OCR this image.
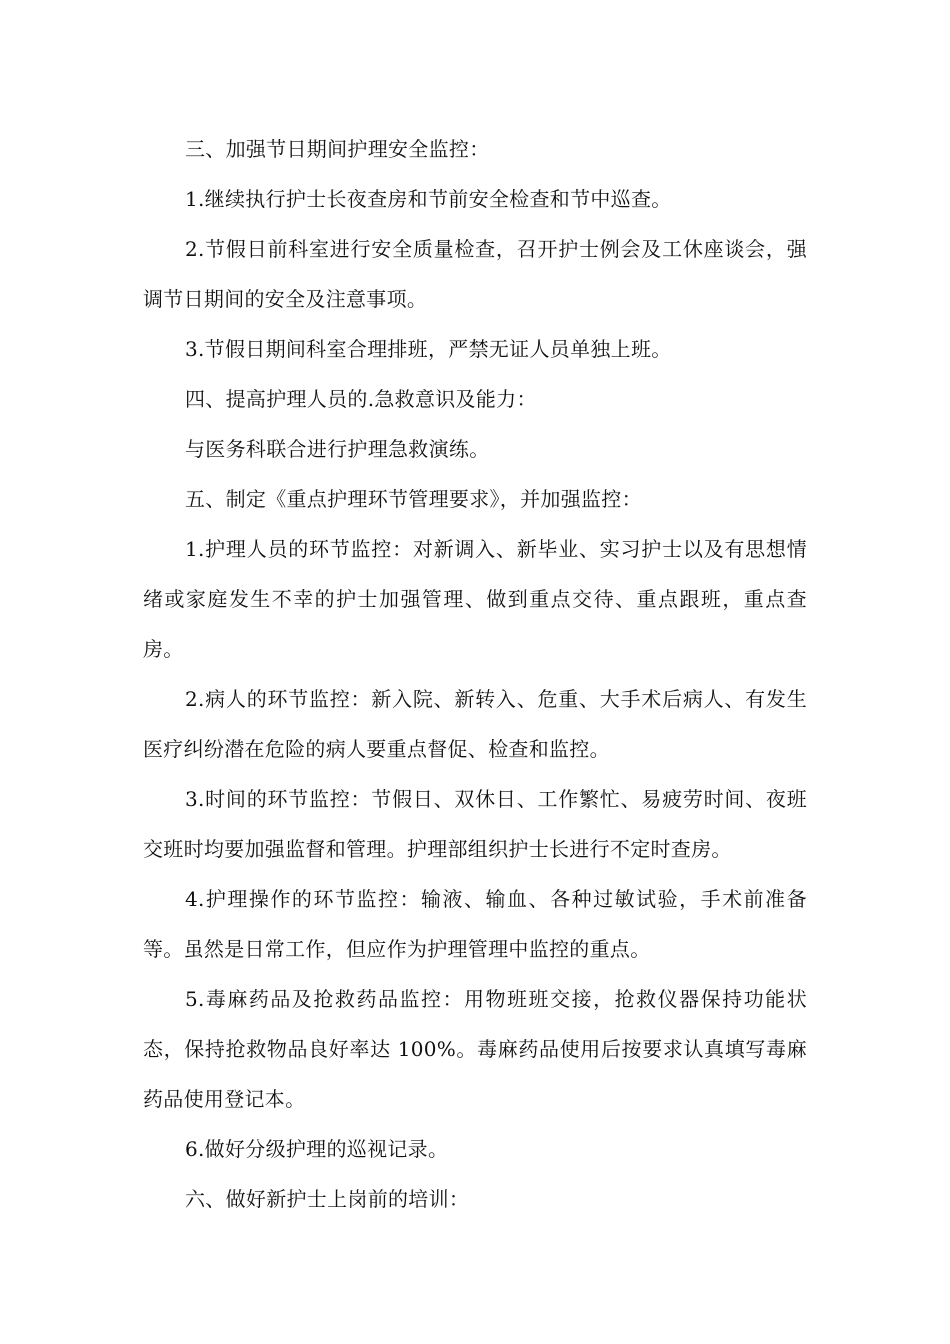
三、加强节日期间护理安全监控：

1.继续执行护士长夜查房和节前安全检查和节中巡查。

2.节假日前科室进行安全质量检查，召开护士例会及工休座谈会，强调节日期间的安全及注意事项。

3.节假日期间科室合理排班，严禁无证人员单独上班。

四、提高护理人员的.急救意识及能力：

与医务科联合进行护理急救演练。

五、制定《重点护理环节管理要求》，并加强监控：

1.护理人员的环节监控：对新调入、新毕业、实习护士以及有思想情绪或家庭发生不幸的护士加强管理、做到重点交待、重点跟班，重点查房。

2.病人的环节监控：新入院、新转入、危重、大手术后病人、有发生医疗纠纷潜在危险的病人要重点督促、检查和监控。

3.时间的环节监控：节假日、双休日、工作繁忙、易疲劳时间、夜班交班时均要加强监督和管理。护理部组织护士长进行不定时查房。

4.护理操作的环节监控：输液、输血、各种过敏试验，手术前准备等。虽然是日常工作，但应作为护理管理中监控的重点。

5.毒麻药品及抢救药品监控：用物班班交接，抢救仪器保持功能状态，保持抢救物品良好率达 100%。毒麻药品使用后按要求认真填写毒麻药品使用登记本。

6.做好分级护理的巡视记录。

六、做好新护士上岗前的培训：
